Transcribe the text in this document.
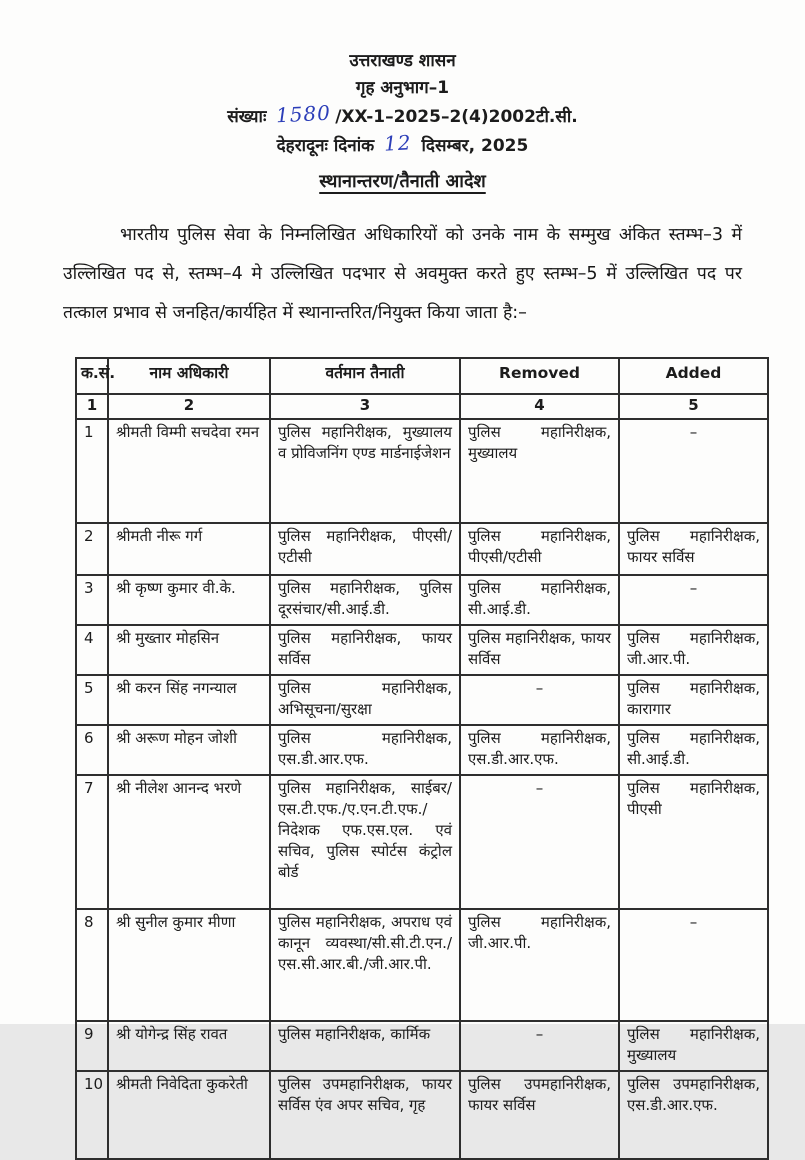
उत्तराखण्ड शासन
गृह अनुभाग–1
संख्याः 1580 /XX-1–2025–2(4)2002टी.सी.
देहरादूनः दिनांक 12 दिसम्बर, 2025
स्थानान्तरण/तैनाती आदेश

भारतीय पुलिस सेवा के निम्नलिखित अधिकारियों को उनके नाम के सम्मुख अंकित स्तम्भ–3 में उल्लिखित पद से, स्तम्भ–4 मे उल्लिखित पदभार से अवमुक्त करते हुए स्तम्भ–5 में उल्लिखित पद पर तत्काल प्रभाव से जनहित/कार्यहित में स्थानान्तरित/नियुक्त किया जाता है:–

क.सं.	नाम अधिकारी	वर्तमान तैनाती	Removed	Added
1	2	3	4	5
1	श्रीमती विम्मी सचदेवा रमन	पुलिस महानिरीक्षक, मुख्यालय व प्रोविजनिंग एण्ड मार्डनाईजेशन	पुलिस महानिरीक्षक, मुख्यालय	–
2	श्रीमती नीरू गर्ग	पुलिस महानिरीक्षक, पीएसी/एटीसी	पुलिस महानिरीक्षक, पीएसी/एटीसी	पुलिस महानिरीक्षक, फायर सर्विस
3	श्री कृष्ण कुमार वी.के.	पुलिस महानिरीक्षक, पुलिस दूरसंचार/सी.आई.डी.	पुलिस महानिरीक्षक, सी.आई.डी.	–
4	श्री मुख्तार मोहसिन	पुलिस महानिरीक्षक, फायर सर्विस	पुलिस महानिरीक्षक, फायर सर्विस	पुलिस महानिरीक्षक, जी.आर.पी.
5	श्री करन सिंह नगन्याल	पुलिस महानिरीक्षक, अभिसूचना/सुरक्षा	–	पुलिस महानिरीक्षक, कारागार
6	श्री अरूण मोहन जोशी	पुलिस महानिरीक्षक, एस.डी.आर.एफ.	पुलिस महानिरीक्षक, एस.डी.आर.एफ.	पुलिस महानिरीक्षक, सी.आई.डी.
7	श्री नीलेश आनन्द भरणे	पुलिस महानिरीक्षक, साईबर/एस.टी.एफ./ए.एन.टी.एफ./निदेशक एफ.एस.एल. एवं सचिव, पुलिस स्पोर्टस कंट्रोल बोर्ड	–	पुलिस महानिरीक्षक, पीएसी
8	श्री सुनील कुमार मीणा	पुलिस महानिरीक्षक, अपराध एवं कानून व्यवस्था/सी.सी.टी.एन./एस.सी.आर.बी./जी.आर.पी.	पुलिस महानिरीक्षक, जी.आर.पी.	–
9	श्री योगेन्द्र सिंह रावत	पुलिस महानिरीक्षक, कार्मिक	–	पुलिस महानिरीक्षक, मुख्यालय
10	श्रीमती निवेदिता कुकरेती	पुलिस उपमहानिरीक्षक, फायर सर्विस एंव अपर सचिव, गृह	पुलिस उपमहानिरीक्षक, फायर सर्विस	पुलिस उपमहानिरीक्षक, एस.डी.आर.एफ.
